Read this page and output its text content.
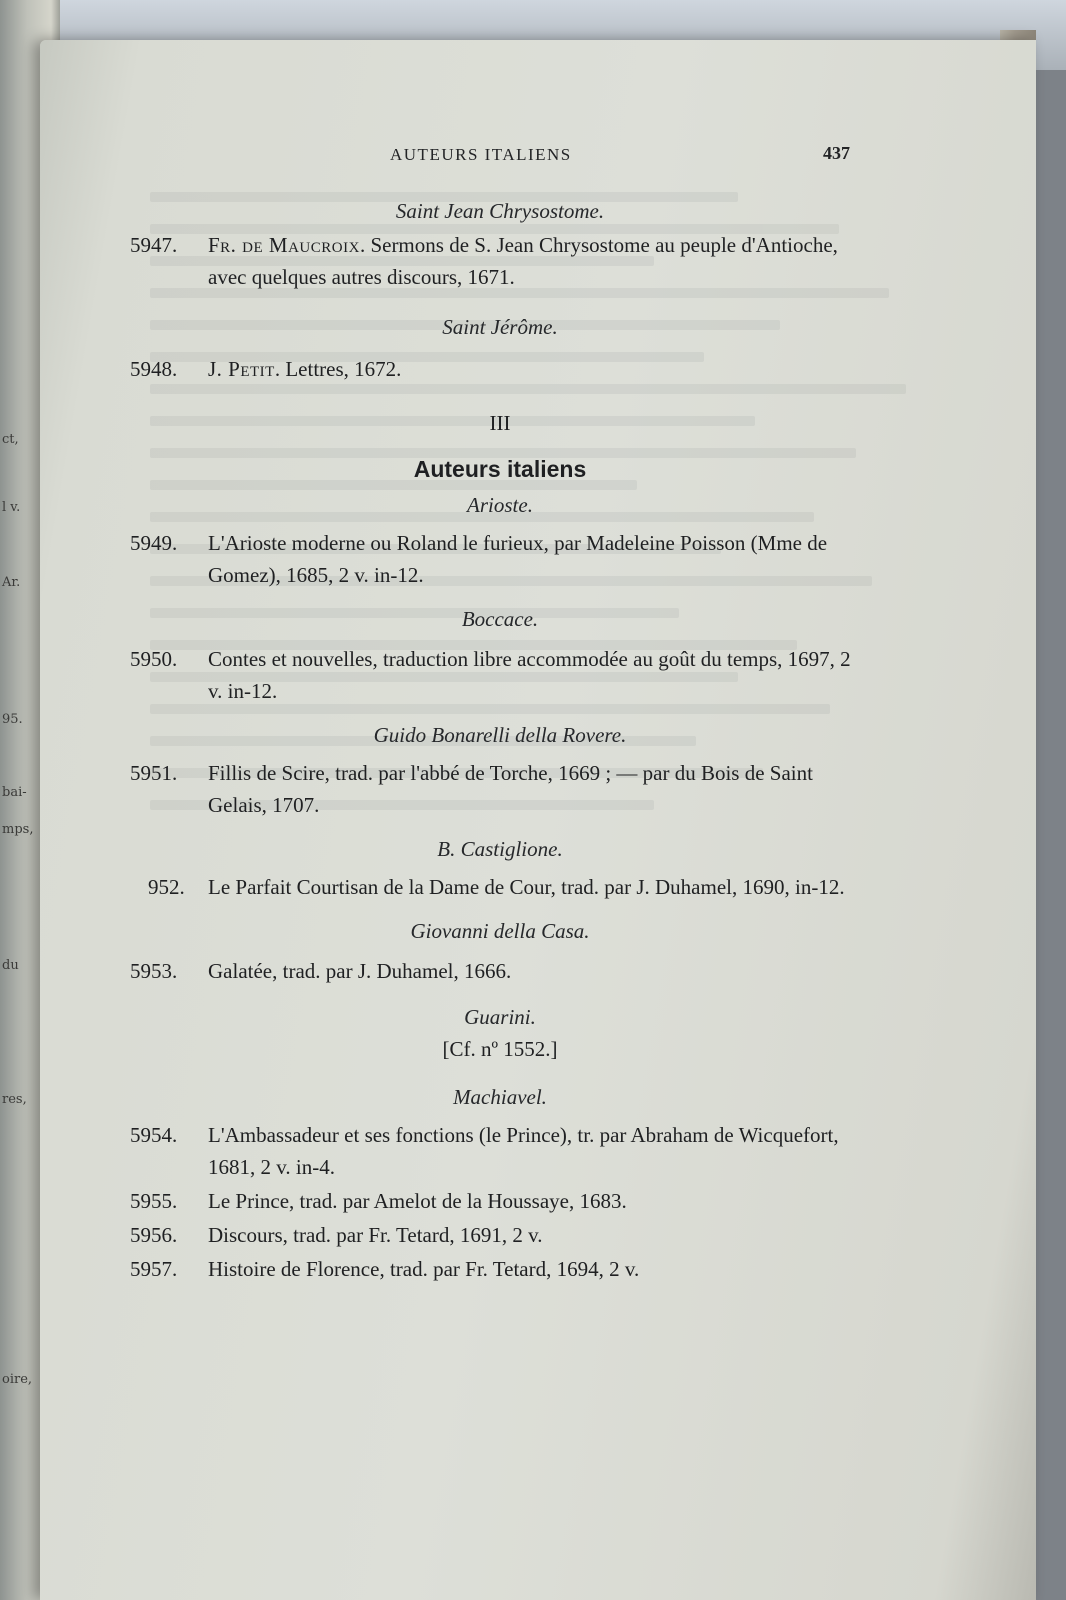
ct,
l v.
Ar.
95.
bai-
mps,
du
res,
oire,
AUTEURS ITALIENS	437
Saint Jean Chrysostome.
5947.	Fr. de Maucroix. Sermons de S. Jean Chrysostome au peuple d'Antioche, avec quelques autres discours, 1671.
Saint Jérôme.
5948.	J. Petit. Lettres, 1672.
III
Auteurs italiens
Arioste.
5949.	L'Arioste moderne ou Roland le furieux, par Madeleine Poisson (Mme de Gomez), 1685, 2 v. in-12.
Boccace.
5950.	Contes et nouvelles, traduction libre accommodée au goût du temps, 1697, 2 v. in-12.
Guido Bonarelli della Rovere.
5951.	Fillis de Scire, trad. par l'abbé de Torche, 1669 ; — par du Bois de Saint Gelais, 1707.
B. Castiglione.
952.	Le Parfait Courtisan de la Dame de Cour, trad. par J. Duhamel, 1690, in-12.
Giovanni della Casa.
5953.	Galatée, trad. par J. Duhamel, 1666.
Guarini.
[Cf. nº 1552.]
Machiavel.
5954.	L'Ambassadeur et ses fonctions (le Prince), tr. par Abraham de Wicquefort, 1681, 2 v. in-4.
5955.	Le Prince, trad. par Amelot de la Houssaye, 1683.
5956.	Discours, trad. par Fr. Tetard, 1691, 2 v.
5957.	Histoire de Florence, trad. par Fr. Tetard, 1694, 2 v.
